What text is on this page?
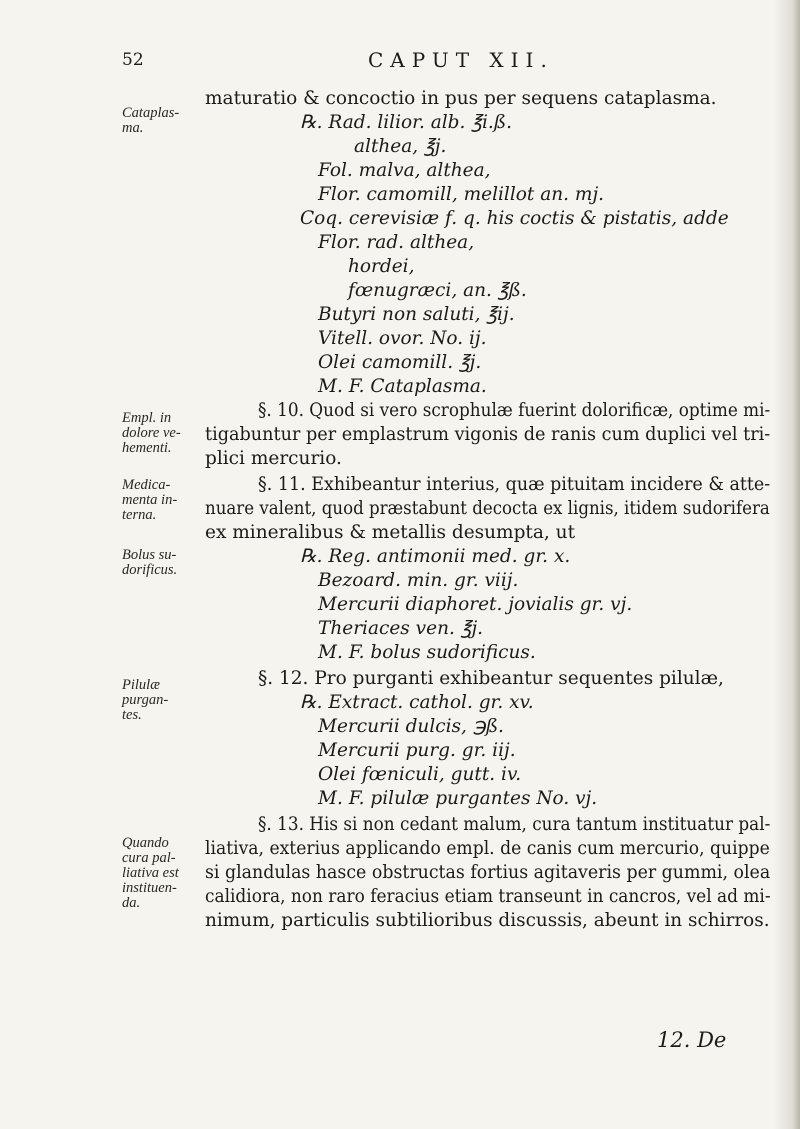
52	CAPUT XII.
Cataplas-
ma.
Empl. in
dolore ve-
hementi.
Medica-
menta in-
terna.
Bolus su-
dorificus.
Pilulæ
purgan-
tes.
Quando
cura pal-
liativa est
instituen-
da.
maturatio & concoctio in pus per sequens cataplasma.
℞. Rad. lilior. alb. ℥i.ß.
althea, ℥j.
Fol. malva, althea,
Flor. camomill, melillot an. mj.
Coq. cerevisiæ f. q. his coctis & pistatis, adde
Flor. rad. althea,
hordei,
fœnugræci, an. ℥ß.
Butyri non saluti, ℥ij.
Vitell. ovor. No. ij.
Olei camomill. ℥j.
M. F. Cataplasma.
§. 10. Quod si vero scrophulæ fuerint dolorificæ, optime mi-
tigabuntur per emplastrum vigonis de ranis cum duplici vel tri-
plici mercurio.
§. 11. Exhibeantur interius, quæ pituitam incidere & atte-
nuare valent, quod præstabunt decocta ex lignis, itidem sudorifera
ex mineralibus & metallis desumpta, ut
℞. Reg. antimonii med. gr. x.
Bezoard. min. gr. viij.
Mercurii diaphoret. jovialis gr. vj.
Theriaces ven. ℥j.
M. F. bolus sudorificus.
§. 12. Pro purganti exhibeantur sequentes pilulæ,
℞. Extract. cathol. gr. xv.
Mercurii dulcis, ℈ß.
Mercurii purg. gr. iij.
Olei fœniculi, gutt. iv.
M. F. pilulæ purgantes No. vj.
§. 13. His si non cedant malum, cura tantum instituatur pal-
liativa, exterius applicando empl. de canis cum mercurio, quippe
si glandulas hasce obstructas fortius agitaveris per gummi, olea
calidiora, non raro feracius etiam transeunt in cancros, vel ad mi-
nimum, particulis subtilioribus discussis, abeunt in schirros.
12. De
